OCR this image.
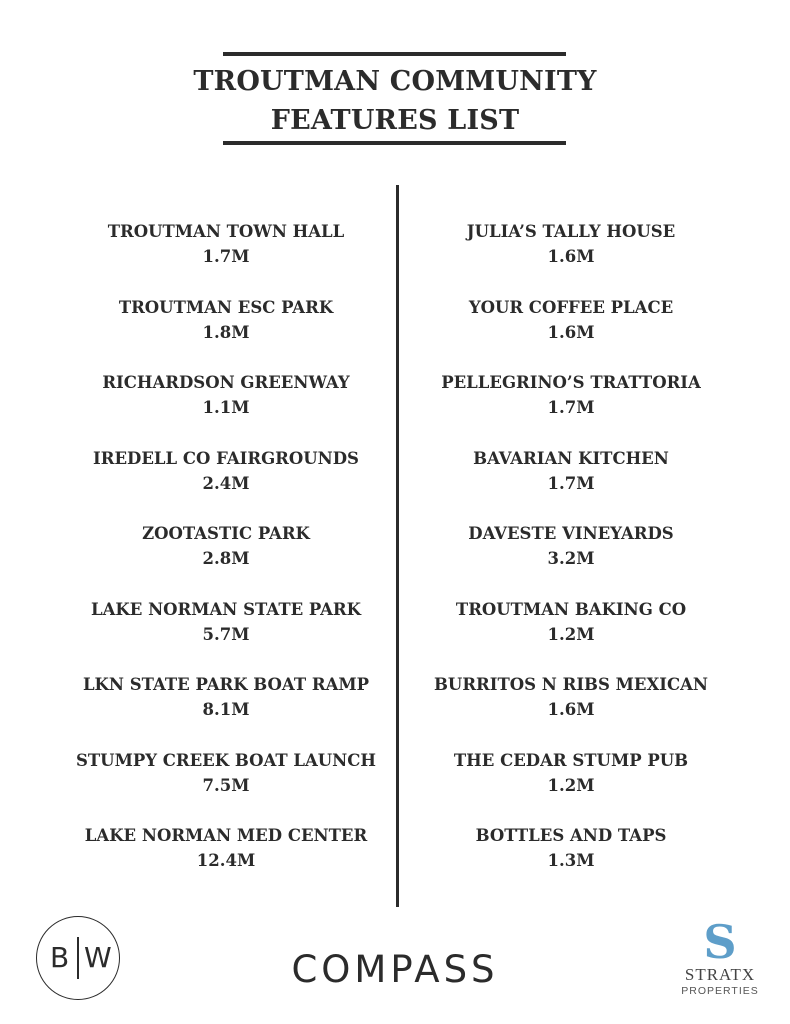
TROUTMAN COMMUNITY
FEATURES LIST
TROUTMAN TOWN HALL
1.7M
TROUTMAN ESC PARK
1.8M
RICHARDSON GREENWAY
1.1M
IREDELL CO FAIRGROUNDS
2.4M
ZOOTASTIC PARK
2.8M
LAKE NORMAN STATE PARK
5.7M
LKN STATE PARK BOAT RAMP
8.1M
STUMPY CREEK BOAT LAUNCH
7.5M
LAKE NORMAN MED CENTER
12.4M
JULIA’S TALLY HOUSE
1.6M
YOUR COFFEE PLACE
1.6M
PELLEGRINO’S TRATTORIA
1.7M
BAVARIAN KITCHEN
1.7M
DAVESTE VINEYARDS
3.2M
TROUTMAN BAKING CO
1.2M
BURRITOS N RIBS MEXICAN
1.6M
THE CEDAR STUMP PUB
1.2M
BOTTLES AND TAPS
1.3M
B W	COMPASS
S
STRATX
PROPERTIES
